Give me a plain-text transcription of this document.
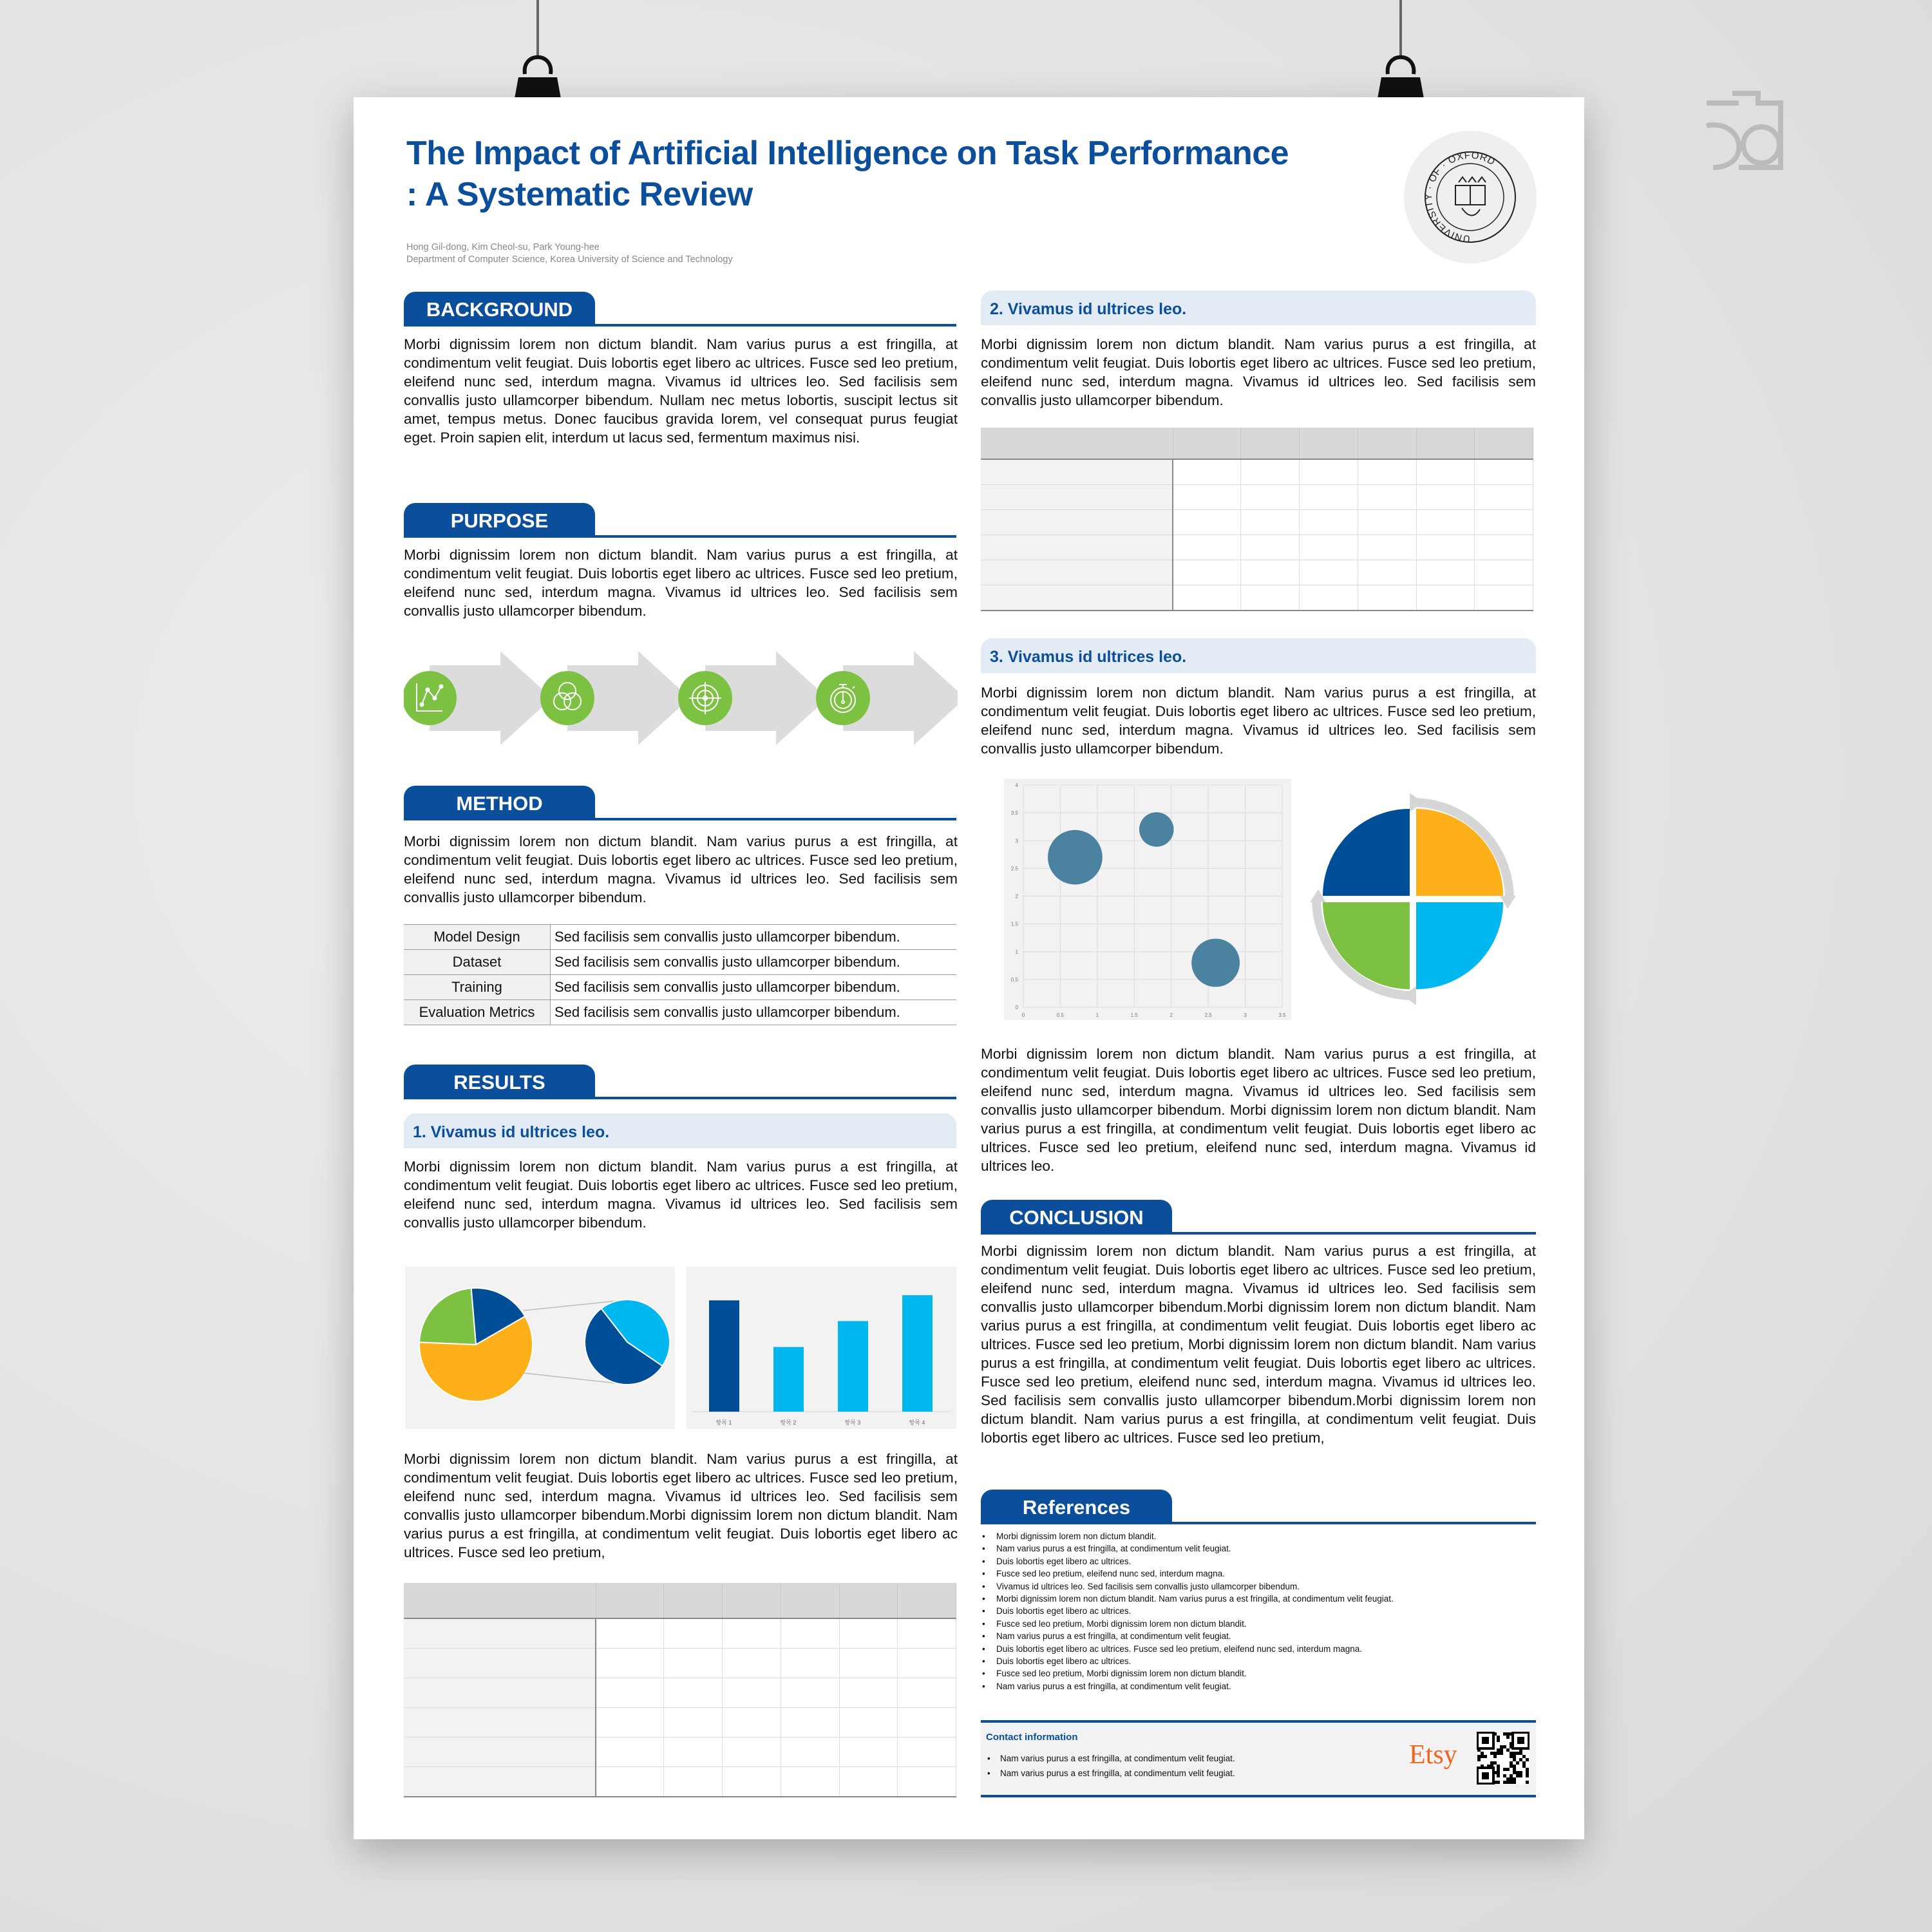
The Impact of Artificial Intelligence on Task Performance
: A Systematic Review
Hong Gil-dong, Kim Cheol-su, Park Young-hee
Department of Computer Science, Korea University of Science and Technology
UNIVERSITY · OF · OXFORD
BACKGROUND
Morbi dignissim lorem non dictum blandit. Nam varius purus a est fringilla, at condimentum velit feugiat. Duis lobortis eget libero ac ultrices. Fusce sed leo pretium, eleifend nunc sed, interdum magna. Vivamus id ultrices leo. Sed facilisis sem convallis justo ullamcorper bibendum. Nullam nec metus lobortis, suscipit lectus sit amet, tempus metus. Donec faucibus gravida lorem, vel consequat purus feugiat eget. Proin sapien elit, interdum ut lacus sed, fermentum maximus nisi.
PURPOSE
Morbi dignissim lorem non dictum blandit. Nam varius purus a est fringilla, at condimentum velit feugiat. Duis lobortis eget libero ac ultrices. Fusce sed leo pretium, eleifend nunc sed, interdum magna. Vivamus id ultrices leo. Sed facilisis sem convallis justo ullamcorper bibendum.
METHOD
Morbi dignissim lorem non dictum blandit. Nam varius purus a est fringilla, at condimentum velit feugiat. Duis lobortis eget libero ac ultrices. Fusce sed leo pretium, eleifend nunc sed, interdum magna. Vivamus id ultrices leo. Sed facilisis sem convallis justo ullamcorper bibendum.
Model Design	Sed facilisis sem convallis justo ullamcorper bibendum.
Dataset	Sed facilisis sem convallis justo ullamcorper bibendum.
Training	Sed facilisis sem convallis justo ullamcorper bibendum.
Evaluation Metrics	Sed facilisis sem convallis justo ullamcorper bibendum.
RESULTS
1. Vivamus id ultrices leo.
Morbi dignissim lorem non dictum blandit. Nam varius purus a est fringilla, at condimentum velit feugiat. Duis lobortis eget libero ac ultrices. Fusce sed leo pretium, eleifend nunc sed, interdum magna. Vivamus id ultrices leo. Sed facilisis sem convallis justo ullamcorper bibendum.
항목 1	항목 2	항목 3	항목 4
Morbi dignissim lorem non dictum blandit. Nam varius purus a est fringilla, at condimentum velit feugiat. Duis lobortis eget libero ac ultrices. Fusce sed leo pretium, eleifend nunc sed, interdum magna. Vivamus id ultrices leo. Sed facilisis sem convallis justo ullamcorper bibendum.Morbi dignissim lorem non dictum blandit. Nam varius purus a est fringilla, at condimentum velit feugiat. Duis lobortis eget libero ac ultrices. Fusce sed leo pretium,

2. Vivamus id ultrices leo.
Morbi dignissim lorem non dictum blandit. Nam varius purus a est fringilla, at condimentum velit feugiat. Duis lobortis eget libero ac ultrices. Fusce sed leo pretium, eleifend nunc sed, interdum magna. Vivamus id ultrices leo. Sed facilisis sem convallis justo ullamcorper bibendum.

3. Vivamus id ultrices leo.
Morbi dignissim lorem non dictum blandit. Nam varius purus a est fringilla, at condimentum velit feugiat. Duis lobortis eget libero ac ultrices. Fusce sed leo pretium, eleifend nunc sed, interdum magna. Vivamus id ultrices leo. Sed facilisis sem convallis justo ullamcorper bibendum.
0	0.5	1	1.5	2	2.5	3	3.5
0
0.5
1
1.5
2
2.5
3
3.5
4
Morbi dignissim lorem non dictum blandit. Nam varius purus a est fringilla, at condimentum velit feugiat. Duis lobortis eget libero ac ultrices. Fusce sed leo pretium, eleifend nunc sed, interdum magna. Vivamus id ultrices leo. Sed facilisis sem convallis justo ullamcorper bibendum. Morbi dignissim lorem non dictum blandit. Nam varius purus a est fringilla, at condimentum velit feugiat. Duis lobortis eget libero ac ultrices. Fusce sed leo pretium, eleifend nunc sed, interdum magna. Vivamus id ultrices leo.
CONCLUSION
Morbi dignissim lorem non dictum blandit. Nam varius purus a est fringilla, at condimentum velit feugiat. Duis lobortis eget libero ac ultrices. Fusce sed leo pretium, eleifend nunc sed, interdum magna. Vivamus id ultrices leo. Sed facilisis sem convallis justo ullamcorper bibendum.Morbi dignissim lorem non dictum blandit. Nam varius purus a est fringilla, at condimentum velit feugiat. Duis lobortis eget libero ac ultrices. Fusce sed leo pretium, Morbi dignissim lorem non dictum blandit. Nam varius purus a est fringilla, at condimentum velit feugiat. Duis lobortis eget libero ac ultrices. Fusce sed leo pretium, eleifend nunc sed, interdum magna. Vivamus id ultrices leo. Sed facilisis sem convallis justo ullamcorper bibendum.Morbi dignissim lorem non dictum blandit. Nam varius purus a est fringilla, at condimentum velit feugiat. Duis lobortis eget libero ac ultrices. Fusce sed leo pretium,
References
• Morbi dignissim lorem non dictum blandit.
• Nam varius purus a est fringilla, at condimentum velit feugiat.
• Duis lobortis eget libero ac ultrices.
• Fusce sed leo pretium, eleifend nunc sed, interdum magna.
• Vivamus id ultrices leo. Sed facilisis sem convallis justo ullamcorper bibendum.
• Morbi dignissim lorem non dictum blandit. Nam varius purus a est fringilla, at condimentum velit feugiat.
• Duis lobortis eget libero ac ultrices.
• Fusce sed leo pretium, Morbi dignissim lorem non dictum blandit.
• Nam varius purus a est fringilla, at condimentum velit feugiat.
• Duis lobortis eget libero ac ultrices. Fusce sed leo pretium, eleifend nunc sed, interdum magna.
• Duis lobortis eget libero ac ultrices.
• Fusce sed leo pretium, Morbi dignissim lorem non dictum blandit.
• Nam varius purus a est fringilla, at condimentum velit feugiat.
Contact information
• Nam varius purus a est fringilla, at condimentum velit feugiat.
• Nam varius purus a est fringilla, at condimentum velit feugiat.
Etsy
